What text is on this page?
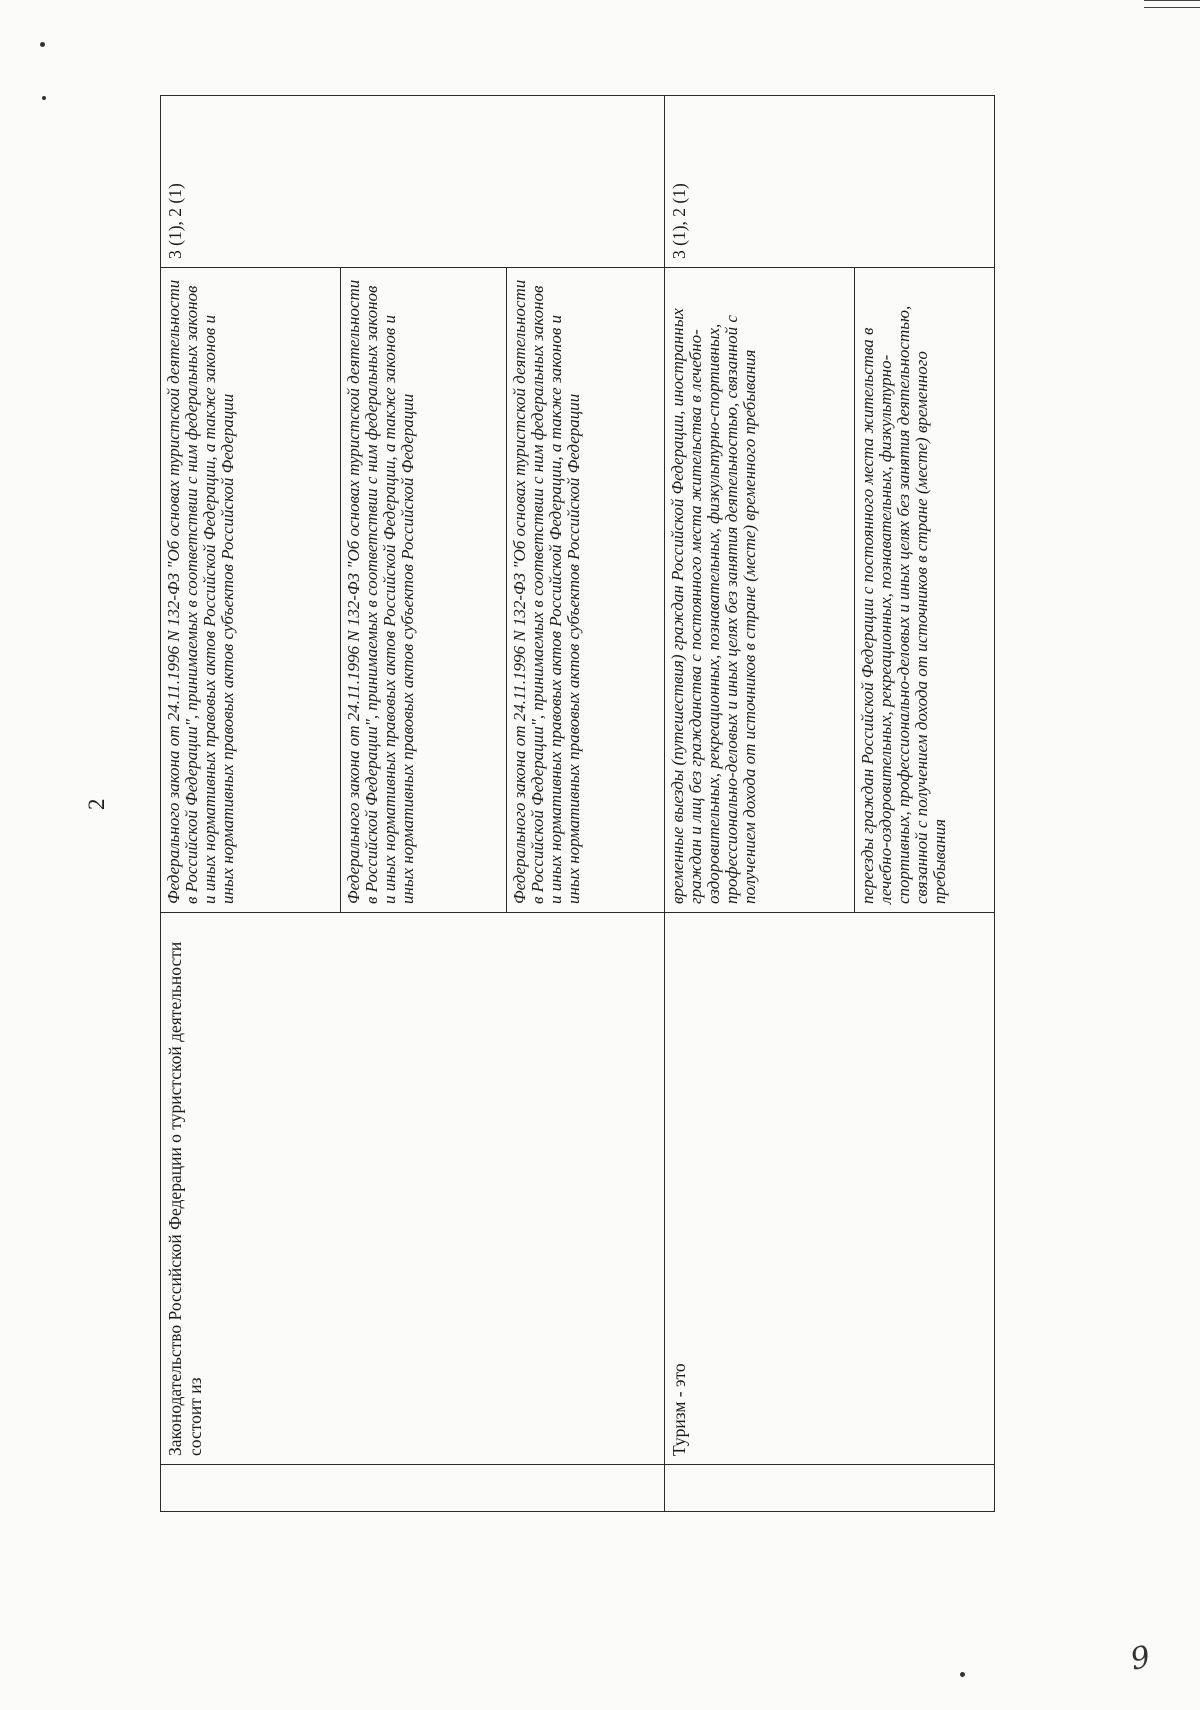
9
2
	Законодательство Российской Федерации о туристской деятельности состоит из	Федерального закона от 24.11.1996 N 132-ФЗ "Об основах туристской деятельности в Российской Федерации", принимаемых в соответствии с ним федеральных законов и иных нормативных правовых актов Российской Федерации, а также законов и иных нормативных правовых актов субъектов Российской Федерации	3 (1), 2 (1)
		Федерального закона от 24.11.1996 N 132-ФЗ "Об основах туристской деятельности в Российской Федерации", принимаемых в соответствии с ним федеральных законов и иных нормативных правовых актов Российской Федерации, а также законов и иных нормативных правовых актов субъектов Российской Федерации	
		Федерального закона от 24.11.1996 N 132-ФЗ "Об основах туристской деятельности в Российской Федерации", принимаемых в соответствии с ним федеральных законов и иных нормативных правовых актов Российской Федерации, а также законов и иных нормативных правовых актов субъектов Российской Федерации	
	Туризм - это	временные выезды (путешествия) граждан Российской Федерации, иностранных граждан и лиц без гражданства с постоянного места жительства в лечебно-оздоровительных, рекреационных, познавательных, физкультурно-спортивных, профессионально-деловых и иных целях без занятия деятельностью, связанной с получением дохода от источников в стране (месте) временного пребывания	3 (1), 2 (1)
		переезды граждан Российской Федерации с постоянного места жительства в лечебно-оздоровительных, рекреационных, познавательных, физкультурно-спортивных, профессионально-деловых и иных целях без занятия деятельностью, связанной с получением дохода от источников в стране (месте) временного пребывания	
